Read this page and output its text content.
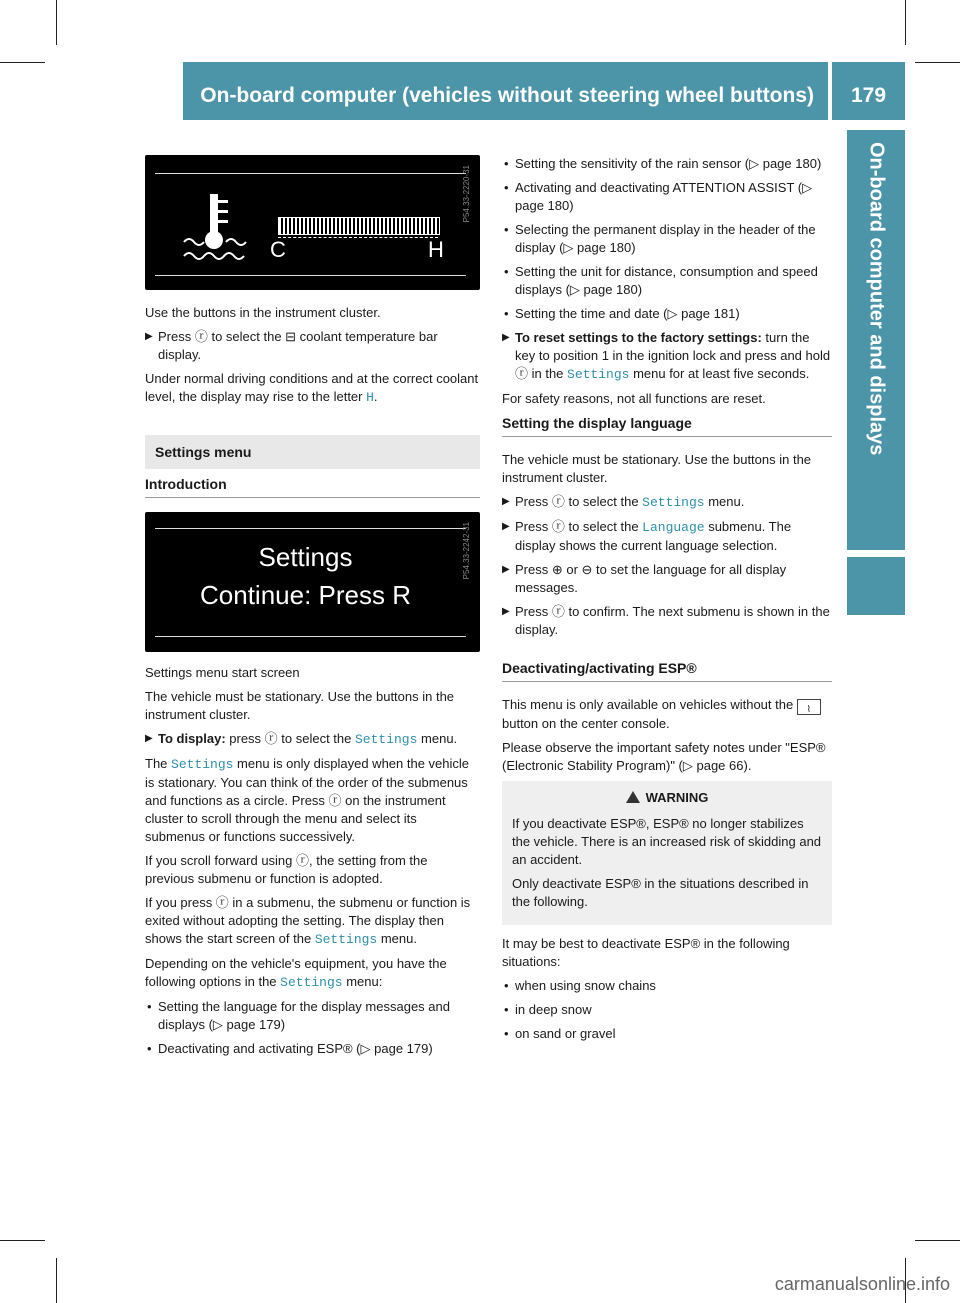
On-board computer (vehicles without steering wheel buttons)	179
On-board computer and displays
C	H
P54.33-2220-31

Use the buttons in the instrument cluster.

▶ Press ⓡ to select the ⊟ coolant temperature bar display.

Under normal driving conditions and at the correct coolant level, the display may rise to the letter H.

Settings menu
Introduction
Settings
Continue: Press R
P54.33-2242-31

Settings menu start screen

The vehicle must be stationary. Use the buttons in the instrument cluster.

▶ To display: press ⓡ to select the Settings menu.

The Settings menu is only displayed when the vehicle is stationary. You can think of the order of the submenus and functions as a circle. Press ⓡ on the instrument cluster to scroll through the menu and select its submenus or functions successively.

If you scroll forward using ⓡ, the setting from the previous submenu or function is adopted.

If you press ⓡ in a submenu, the submenu or function is exited without adopting the setting. The display then shows the start screen of the Settings menu.

Depending on the vehicle's equipment, you have the following options in the Settings menu:

• Setting the language for the display messages and displays (▷ page 179)
• Deactivating and activating ESP® (▷ page 179)
• Setting the sensitivity of the rain sensor (▷ page 180)
• Activating and deactivating ATTENTION ASSIST (▷ page 180)
• Selecting the permanent display in the header of the display (▷ page 180)
• Setting the unit for distance, consumption and speed displays (▷ page 180)
• Setting the time and date (▷ page 181)
▶ To reset settings to the factory settings: turn the key to position 1 in the ignition lock and press and hold ⓡ in the Settings menu for at least five seconds.

For safety reasons, not all functions are reset.

Setting the display language

The vehicle must be stationary. Use the buttons in the instrument cluster.

▶ Press ⓡ to select the Settings menu.
▶ Press ⓡ to select the Language submenu. The display shows the current language selection.
▶ Press ⊕ or ⊖ to set the language for all display messages.
▶ Press ⓡ to confirm. The next submenu is shown in the display.
Deactivating/activating ESP®

This menu is only available on vehicles without the ⌇ button on the center console.

Please observe the important safety notes under "ESP® (Electronic Stability Program)" (▷ page 66).

WARNING

If you deactivate ESP®, ESP® no longer stabilizes the vehicle. There is an increased risk of skidding and an accident.

Only deactivate ESP® in the situations described in the following.

It may be best to deactivate ESP® in the following situations:

• when using snow chains
• in deep snow
• on sand or gravel
carmanualsonline.info
